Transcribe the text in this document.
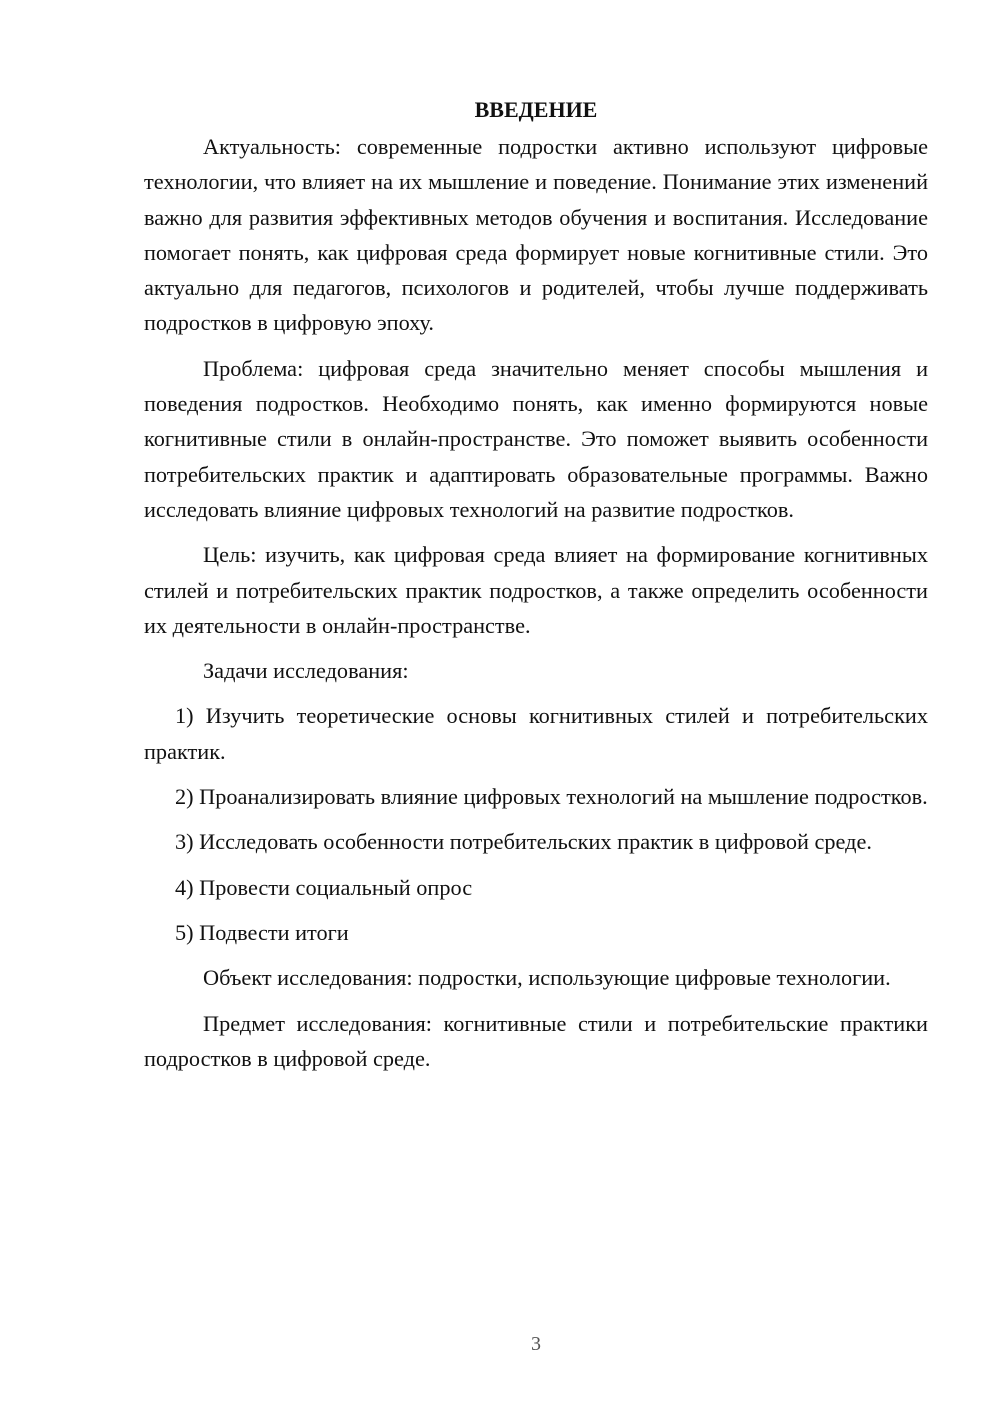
ВВЕДЕНИЕ

Актуальность: современные подростки активно используют цифровые технологии, что влияет на их мышление и поведение. Понимание этих изменений важно для развития эффективных методов обучения и воспитания. Исследование помогает понять, как цифровая среда формирует новые когнитивные стили. Это актуально для педагогов, психологов и родителей, чтобы лучше поддерживать подростков в цифровую эпоху.

Проблема: цифровая среда значительно меняет способы мышления и поведения подростков. Необходимо понять, как именно формируются новые когнитивные стили в онлайн-пространстве. Это поможет выявить особенности потребительских практик и адаптировать образовательные программы. Важно исследовать влияние цифровых технологий на развитие подростков.

Цель: изучить, как цифровая среда влияет на формирование когнитивных стилей и потребительских практик подростков, а также определить особенности их деятельности в онлайн-пространстве.

Задачи исследования:

1) Изучить теоретические основы когнитивных стилей и потребительских практик.

2) Проанализировать влияние цифровых технологий на мышление подростков.

3) Исследовать особенности потребительских практик в цифровой среде.

4) Провести социальный опрос

5) Подвести итоги

Объект исследования: подростки, использующие цифровые технологии.

Предмет исследования: когнитивные стили и потребительские практики подростков в цифровой среде.

3
